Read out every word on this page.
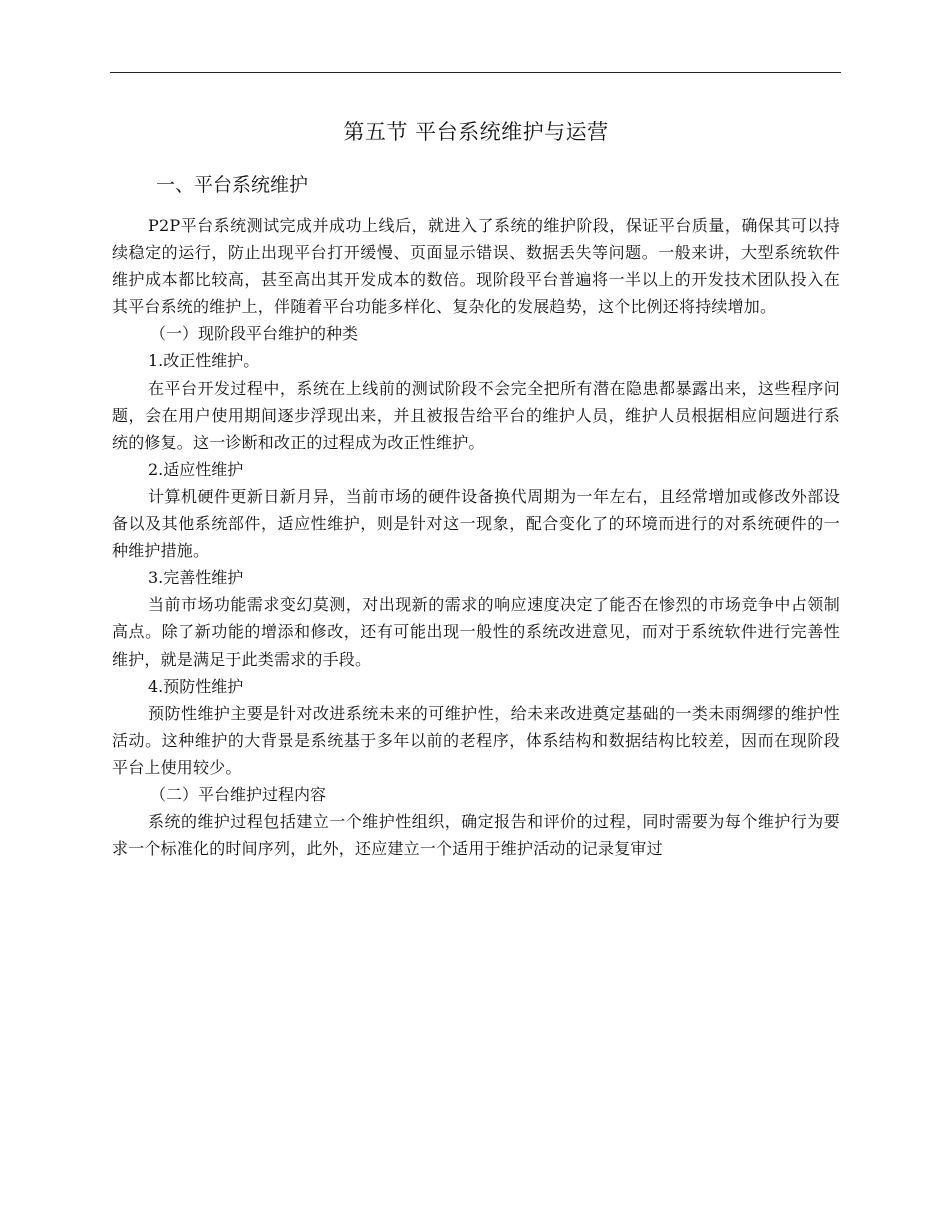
第五节 平台系统维护与运营
一、平台系统维护

P2P平台系统测试完成并成功上线后，就进入了系统的维护阶段，保证平台质量，确保其可以持续稳定的运行，防止出现平台打开缓慢、页面显示错误、数据丢失等问题。一般来讲，大型系统软件维护成本都比较高，甚至高出其开发成本的数倍。现阶段平台普遍将一半以上的开发技术团队投入在其平台系统的维护上，伴随着平台功能多样化、复杂化的发展趋势，这个比例还将持续增加。

（一）现阶段平台维护的种类

1.改正性维护。

在平台开发过程中，系统在上线前的测试阶段不会完全把所有潜在隐患都暴露出来，这些程序问题，会在用户使用期间逐步浮现出来，并且被报告给平台的维护人员，维护人员根据相应问题进行系统的修复。这一诊断和改正的过程成为改正性维护。

2.适应性维护

计算机硬件更新日新月异，当前市场的硬件设备换代周期为一年左右，且经常增加或修改外部设备以及其他系统部件，适应性维护，则是针对这一现象，配合变化了的环境而进行的对系统硬件的一种维护措施。

3.完善性维护

当前市场功能需求变幻莫测，对出现新的需求的响应速度决定了能否在惨烈的市场竞争中占领制高点。除了新功能的增添和修改，还有可能出现一般性的系统改进意见，而对于系统软件进行完善性维护，就是满足于此类需求的手段。

4.预防性维护

预防性维护主要是针对改进系统未来的可维护性，给未来改进奠定基础的一类未雨绸缪的维护性活动。这种维护的大背景是系统基于多年以前的老程序，体系结构和数据结构比较差，因而在现阶段平台上使用较少。

（二）平台维护过程内容

系统的维护过程包括建立一个维护性组织，确定报告和评价的过程，同时需要为每个维护行为要求一个标准化的时间序列，此外，还应建立一个适用于维护活动的记录复审过
